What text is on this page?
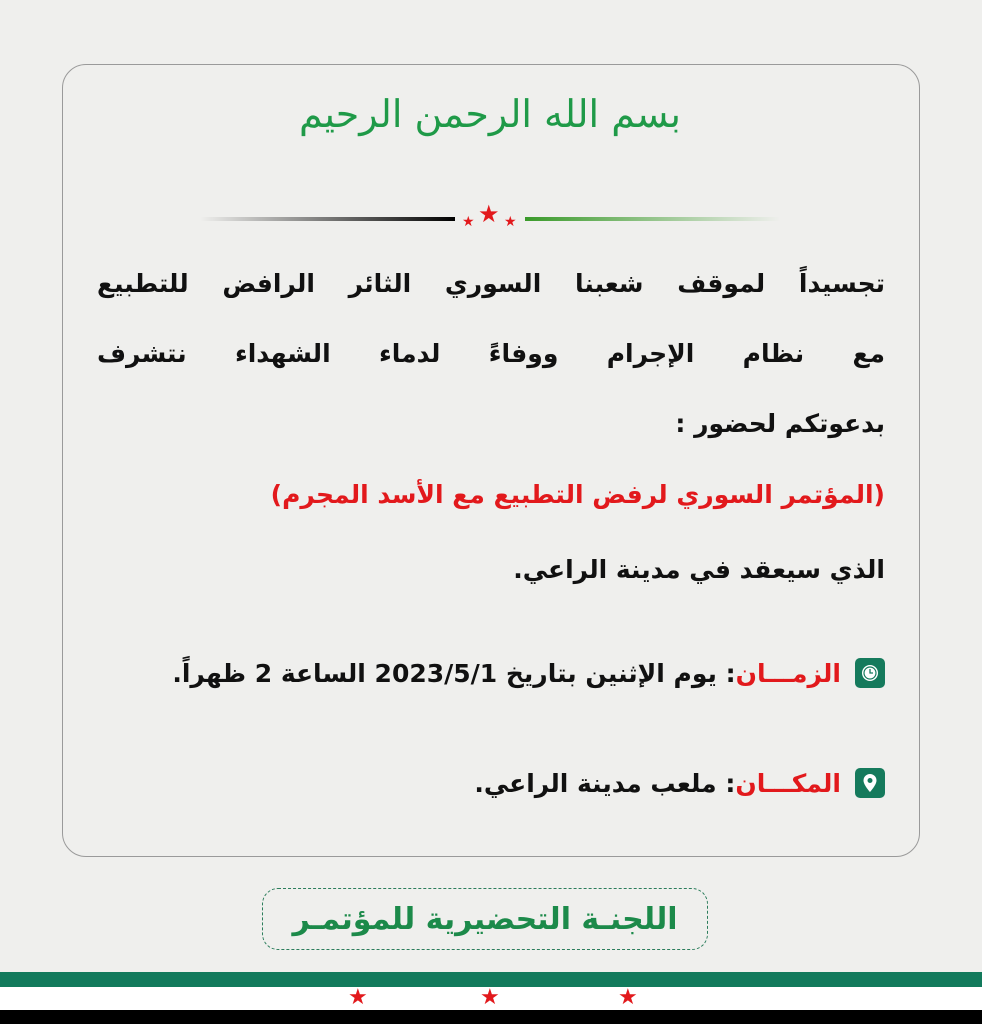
بسم الله الرحمن الرحيم
★ ★ ★
تجسيداً لموقف شعبنا السوري الثائر الرافض للتطبيع
مع نظام الإجرام ووفاءً لدماء الشهداء نتشرف
بدعوتكم لحضور :
(المؤتمر السوري لرفض التطبيع مع الأسد المجرم)
الذي سيعقد في مدينة الراعي.
الزمـــان: يوم الإثنين بتاريخ 2023/5/1 الساعة 2 ظهراً.
المكـــان: ملعب مدينة الراعي.
اللجنـة التحضيرية للمؤتمـر
★	★	★
